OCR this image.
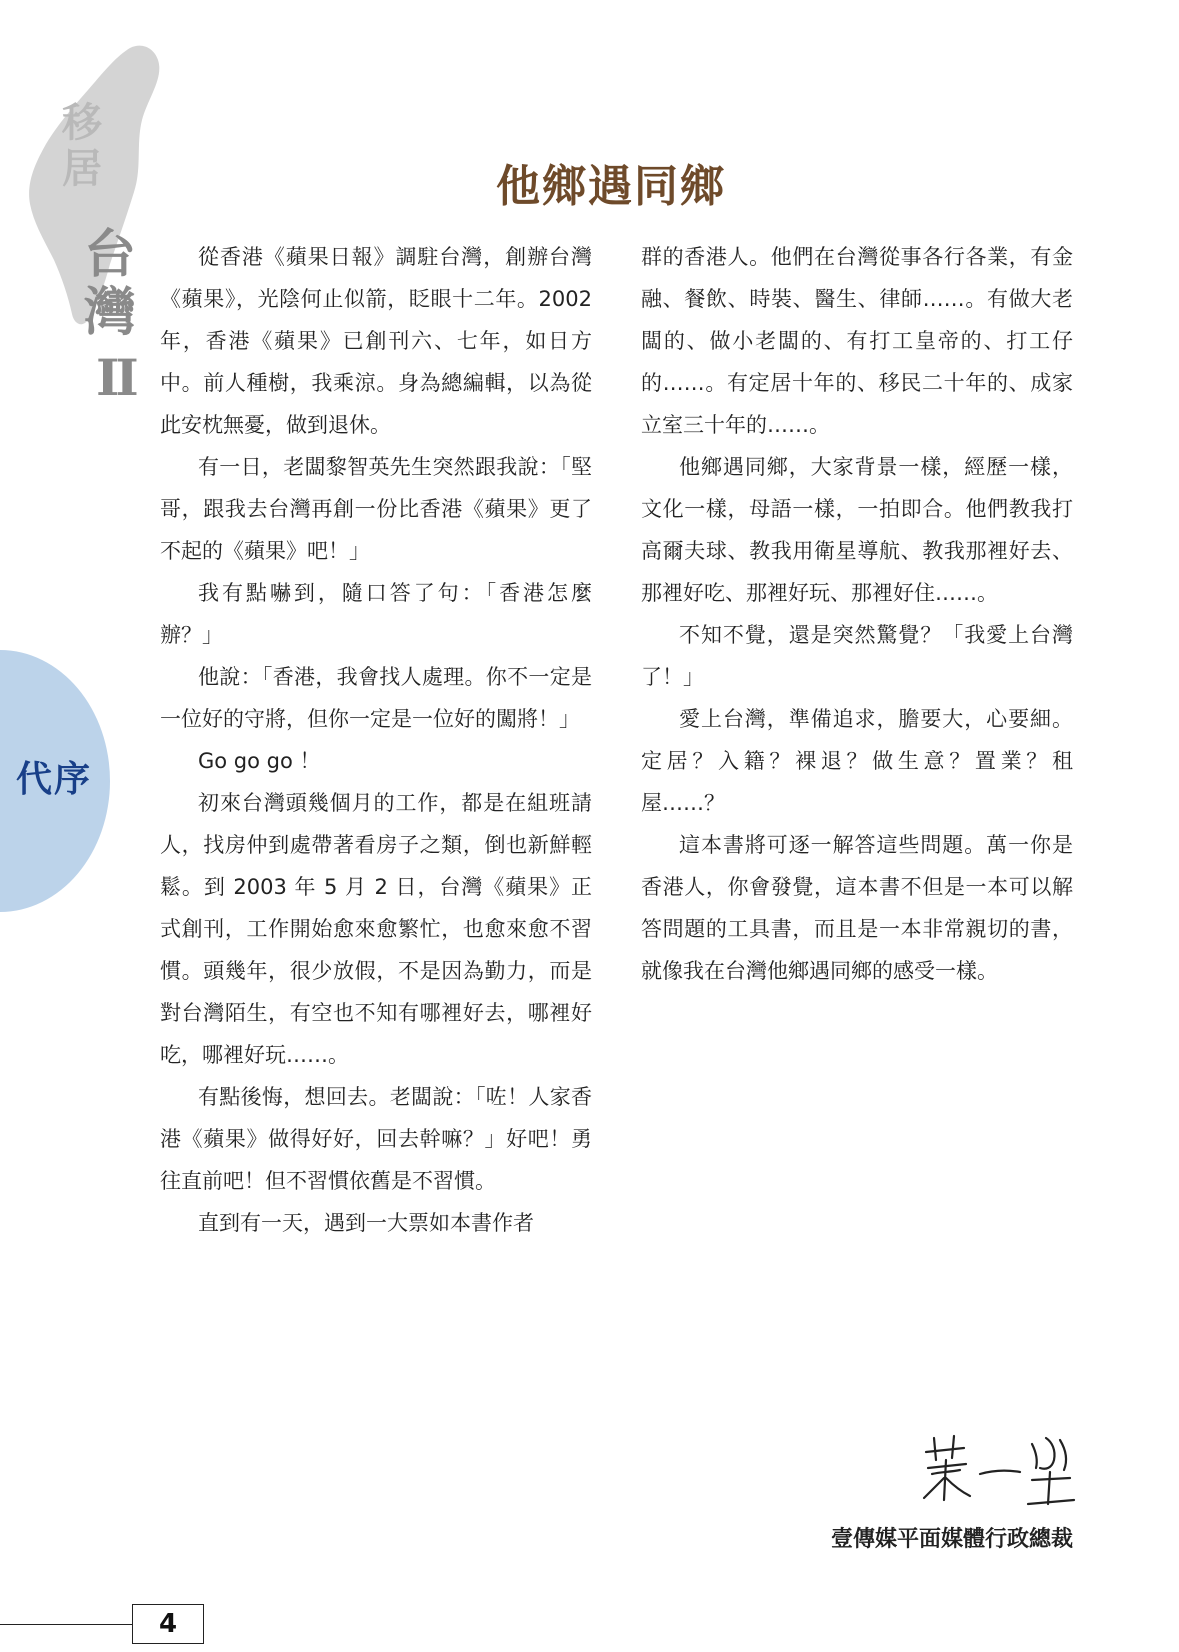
移居
台灣
II
代序
他鄉遇同鄉

從香港《蘋果日報》調駐台灣，創辦台灣《蘋果》，光陰何止似箭，眨眼十二年。2002 年，香港《蘋果》已創刊六、七年，如日方中。前人種樹，我乘涼。身為總編輯，以為從此安枕無憂，做到退休。

有一日，老闆黎智英先生突然跟我說：「堅哥，跟我去台灣再創一份比香港《蘋果》更了不起的《蘋果》吧！」

我有點嚇到，隨口答了句：「香港怎麼辦？」

他說：「香港，我會找人處理。你不一定是一位好的守將，但你一定是一位好的闖將！」

Go go go ！

初來台灣頭幾個月的工作，都是在組班請人，找房仲到處帶著看房子之類，倒也新鮮輕鬆。到 2003 年 5 月 2 日，台灣《蘋果》正式創刊，工作開始愈來愈繁忙，也愈來愈不習慣。頭幾年，很少放假，不是因為勤力，而是對台灣陌生，有空也不知有哪裡好去，哪裡好吃，哪裡好玩……。

有點後悔，想回去。老闆說：「咗！人家香港《蘋果》做得好好，回去幹嘛？」好吧！勇往直前吧！但不習慣依舊是不習慣。

直到有一天，遇到一大票如本書作者

群的香港人。他們在台灣從事各行各業，有金融、餐飲、時裝、醫生、律師……。有做大老闆的、做小老闆的、有打工皇帝的、打工仔的……。有定居十年的、移民二十年的、成家立室三十年的……。

他鄉遇同鄉，大家背景一樣，經歷一樣，文化一樣，母語一樣，一拍即合。他們教我打高爾夫球、教我用衛星導航、教我那裡好去、那裡好吃、那裡好玩、那裡好住……。

不知不覺，還是突然驚覺？「我愛上台灣了！」

愛上台灣，準備追求，膽要大，心要細。定居？入籍？裸退？做生意？置業？租屋……？

這本書將可逐一解答這些問題。萬一你是香港人，你會發覺，這本書不但是一本可以解答問題的工具書，而且是一本非常親切的書，就像我在台灣他鄉遇同鄉的感受一樣。

壹傳媒平面媒體行政總裁
4
